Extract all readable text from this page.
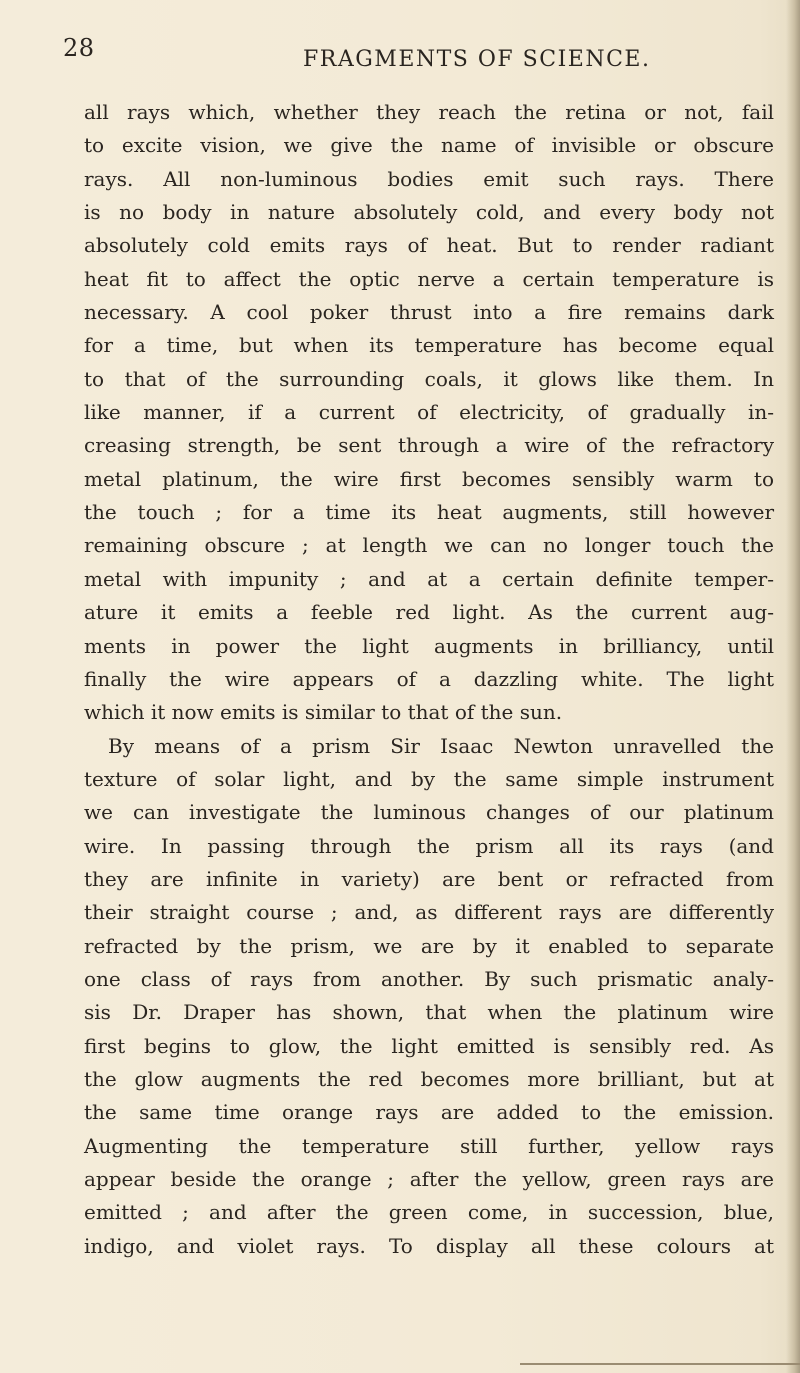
28	FRAGMENTS OF SCIENCE.
all rays which, whether they reach the retina or not, fail
to excite vision, we give the name of invisible or obscure
rays. All non-luminous bodies emit such rays. There
is no body in nature absolutely cold, and every body not
absolutely cold emits rays of heat. But to render radiant
heat fit to affect the optic nerve a certain temperature is
necessary. A cool poker thrust into a fire remains dark
for a time, but when its temperature has become equal
to that of the surrounding coals, it glows like them. In
like manner, if a current of electricity, of gradually in-
creasing strength, be sent through a wire of the refractory
metal platinum, the wire first becomes sensibly warm to
the touch ; for a time its heat augments, still however
remaining obscure ; at length we can no longer touch the
metal with impunity ; and at a certain definite temper-
ature it emits a feeble red light. As the current aug-
ments in power the light augments in brilliancy, until
finally the wire appears of a dazzling white. The light
which it now emits is similar to that of the sun.
By means of a prism Sir Isaac Newton unravelled the
texture of solar light, and by the same simple instrument
we can investigate the luminous changes of our platinum
wire. In passing through the prism all its rays (and
they are infinite in variety) are bent or refracted from
their straight course ; and, as different rays are differently
refracted by the prism, we are by it enabled to separate
one class of rays from another. By such prismatic analy-
sis Dr. Draper has shown, that when the platinum wire
first begins to glow, the light emitted is sensibly red. As
the glow augments the red becomes more brilliant, but at
the same time orange rays are added to the emission.
Augmenting the temperature still further, yellow rays
appear beside the orange ; after the yellow, green rays are
emitted ; and after the green come, in succession, blue,
indigo, and violet rays. To display all these colours at
